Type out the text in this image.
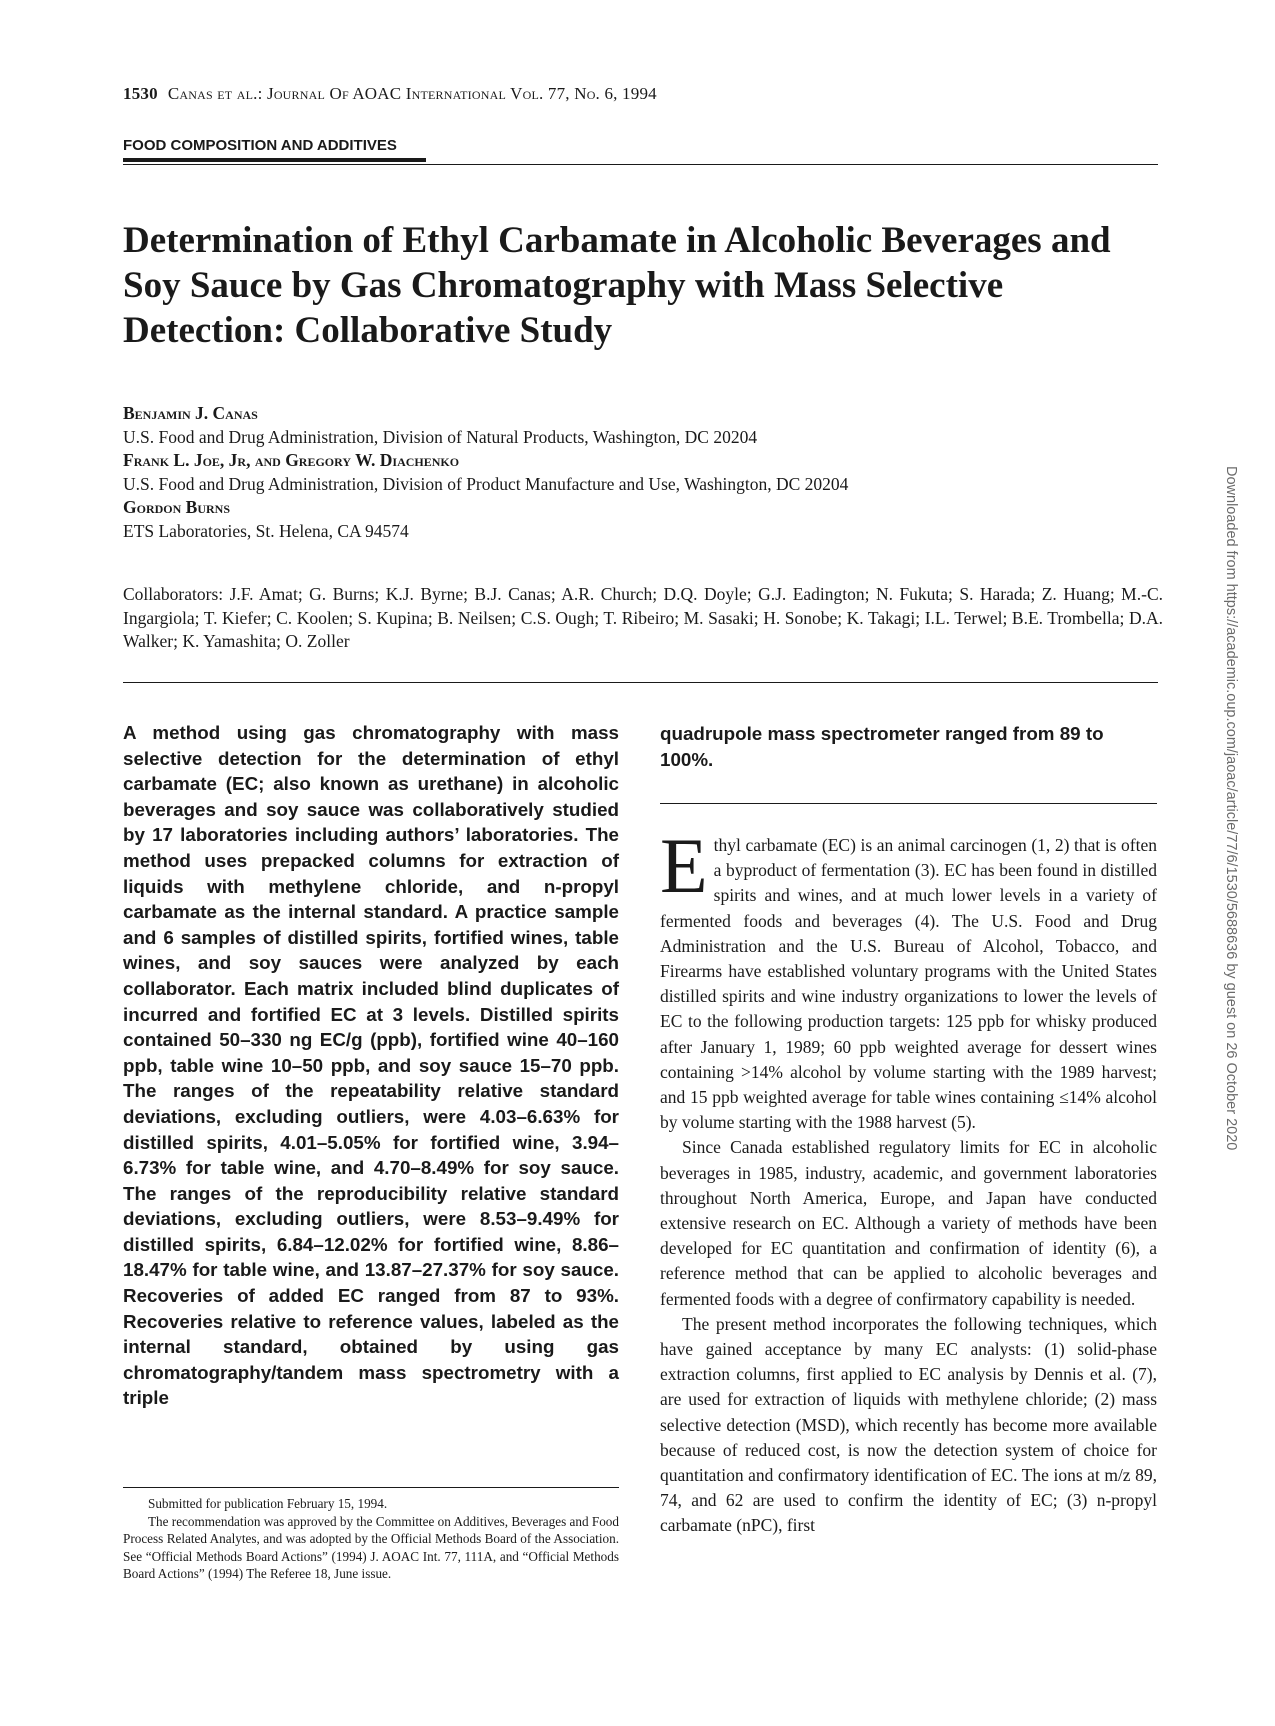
1530 Canas et al.: Journal Of AOAC International Vol. 77, No. 6, 1994
FOOD COMPOSITION AND ADDITIVES
Determination of Ethyl Carbamate in Alcoholic Beverages and Soy Sauce by Gas Chromatography with Mass Selective Detection: Collaborative Study
Benjamin J. Canas
U.S. Food and Drug Administration, Division of Natural Products, Washington, DC 20204
Frank L. Joe, Jr, and Gregory W. Diachenko
U.S. Food and Drug Administration, Division of Product Manufacture and Use, Washington, DC 20204
Gordon Burns
ETS Laboratories, St. Helena, CA 94574
Collaborators: J.F. Amat; G. Burns; K.J. Byrne; B.J. Canas; A.R. Church; D.Q. Doyle; G.J. Eadington; N. Fukuta; S. Harada; Z. Huang; M.-C. Ingargiola; T. Kiefer; C. Koolen; S. Kupina; B. Neilsen; C.S. Ough; T. Ribeiro; M. Sasaki; H. Sonobe; K. Takagi; I.L. Terwel; B.E. Trombella; D.A. Walker; K. Yamashita; O. Zoller
A method using gas chromatography with mass selective detection for the determination of ethyl carbamate (EC; also known as urethane) in alcoholic beverages and soy sauce was collaboratively studied by 17 laboratories including authors’ laboratories. The method uses prepacked columns for extraction of liquids with methylene chloride, and n-propyl carbamate as the internal standard. A practice sample and 6 samples of distilled spirits, fortified wines, table wines, and soy sauces were analyzed by each collaborator. Each matrix included blind duplicates of incurred and fortified EC at 3 levels. Distilled spirits contained 50–330 ng EC/g (ppb), fortified wine 40–160 ppb, table wine 10–50 ppb, and soy sauce 15–70 ppb. The ranges of the repeatability relative standard deviations, excluding outliers, were 4.03–6.63% for distilled spirits, 4.01–5.05% for fortified wine, 3.94–6.73% for table wine, and 4.70–8.49% for soy sauce. The ranges of the reproducibility relative standard deviations, excluding outliers, were 8.53–9.49% for distilled spirits, 6.84–12.02% for fortified wine, 8.86–18.47% for table wine, and 13.87–27.37% for soy sauce. Recoveries of added EC ranged from 87 to 93%. Recoveries relative to reference values, labeled as the internal standard, obtained by using gas chromatography/tandem mass spectrometry with a triple
quadrupole mass spectrometer ranged from 89 to 100%.

Ethyl carbamate (EC) is an animal carcinogen (1, 2) that is often a byproduct of fermentation (3). EC has been found in distilled spirits and wines, and at much lower levels in a variety of fermented foods and beverages (4). The U.S. Food and Drug Administration and the U.S. Bureau of Alcohol, Tobacco, and Firearms have established voluntary programs with the United States distilled spirits and wine industry organizations to lower the levels of EC to the following production targets: 125 ppb for whisky produced after January 1, 1989; 60 ppb weighted average for dessert wines containing >14% alcohol by volume starting with the 1989 harvest; and 15 ppb weighted average for table wines containing ≤14% alcohol by volume starting with the 1988 harvest (5).

Since Canada established regulatory limits for EC in alcoholic beverages in 1985, industry, academic, and government laboratories throughout North America, Europe, and Japan have conducted extensive research on EC. Although a variety of methods have been developed for EC quantitation and confirmation of identity (6), a reference method that can be applied to alcoholic beverages and fermented foods with a degree of confirmatory capability is needed.

The present method incorporates the following techniques, which have gained acceptance by many EC analysts: (1) solid-phase extraction columns, first applied to EC analysis by Dennis et al. (7), are used for extraction of liquids with methylene chloride; (2) mass selective detection (MSD), which recently has become more available because of reduced cost, is now the detection system of choice for quantitation and confirmatory identification of EC. The ions at m/z 89, 74, and 62 are used to confirm the identity of EC; (3) n-propyl carbamate (nPC), first

Submitted for publication February 15, 1994.

The recommendation was approved by the Committee on Additives, Beverages and Food Process Related Analytes, and was adopted by the Official Methods Board of the Association. See “Official Methods Board Actions” (1994) J. AOAC Int. 77, 111A, and “Official Methods Board Actions” (1994) The Referee 18, June issue.

Downloaded from https://academic.oup.com/jaoac/article/77/6/1530/5688636 by guest on 26 October 2020
